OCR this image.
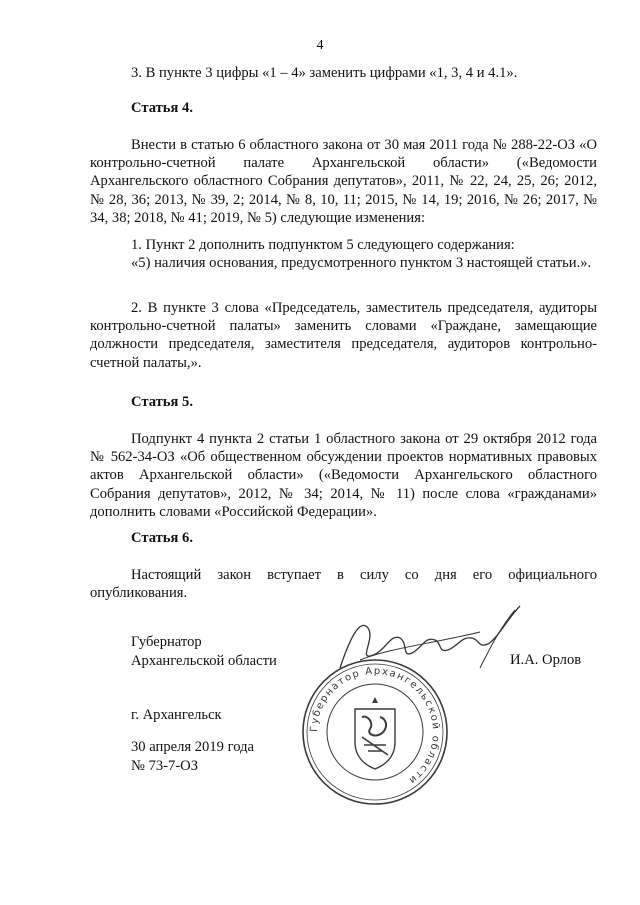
4

3. В пункте 3 цифры «1 – 4» заменить цифрами «1, 3, 4 и 4.1».

Статья 4.

Внести в статью 6 областного закона от 30 мая 2011 года № 288-22-ОЗ «О контрольно-счетной палате Архангельской области» («Ведомости Архангельского областного Собрания депутатов», 2011, № 22, 24, 25, 26; 2012, № 28, 36; 2013, № 39, 2; 2014, № 8, 10, 11; 2015, № 14, 19; 2016, № 26; 2017, № 34, 38; 2018, № 41; 2019, № 5) следующие изменения:

1. Пункт 2 дополнить подпунктом 5 следующего содержания:

«5) наличия основания, предусмотренного пунктом 3 настоящей статьи.».

2. В пункте 3 слова «Председатель, заместитель председателя, аудиторы контрольно-счетной палаты» заменить словами «Граждане, замещающие должности председателя, заместителя председателя, аудиторов контрольно-счетной палаты,».

Статья 5.

Подпункт 4 пункта 2 статьи 1 областного закона от 29 октября 2012 года № 562-34-ОЗ «Об общественном обсуждении проектов нормативных правовых актов Архангельской области» («Ведомости Архангельского областного Собрания депутатов», 2012, № 34; 2014, № 11) после слова «гражданами» дополнить словами «Российской Федерации».

Статья 6.

Настоящий закон вступает в силу со дня его официального опубликования.

Губернатор
Архангельской области	И.А. Орлов
Губернатор Архангельской области
г. Архангельск
30 апреля 2019 года
№ 73-7-ОЗ
